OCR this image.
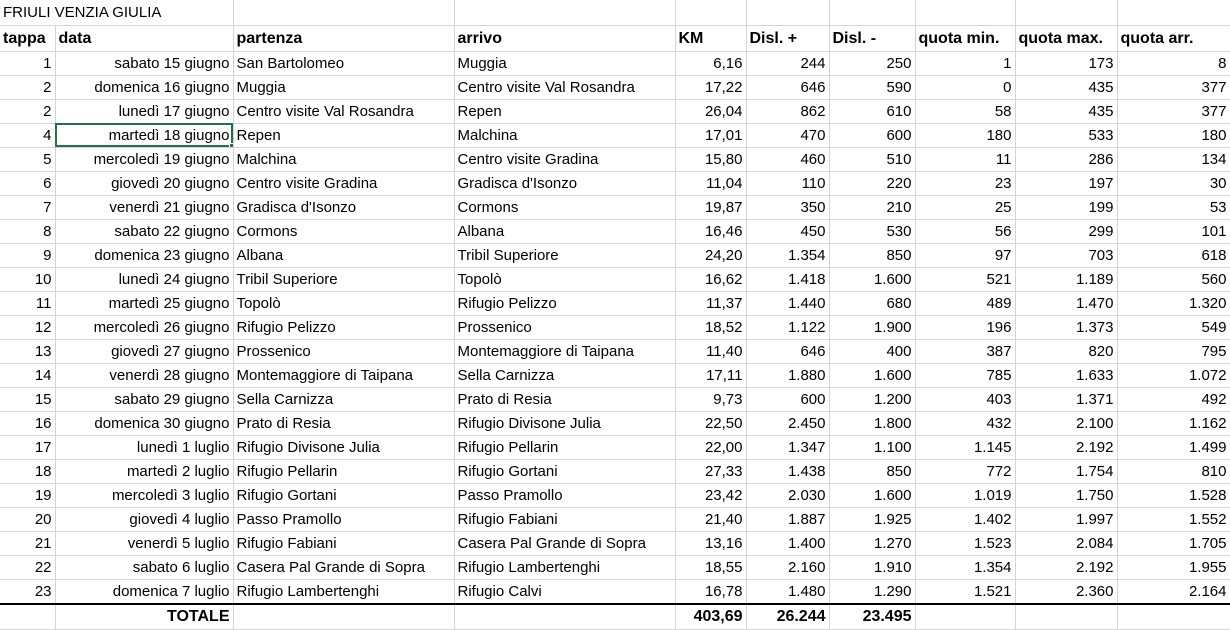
FRIULI VENZIA GIULIA									
tappa	data	partenza	arrivo	KM	Disl. +	Disl. -	quota min.	quota max.	quota arr.
1	sabato 15 giugno	San Bartolomeo	Muggia	6,16	244	250	1	173	8
2	domenica 16 giugno	Muggia	Centro visite Val Rosandra	17,22	646	590	0	435	377
2	lunedì 17 giugno	Centro visite Val Rosandra	Repen	26,04	862	610	58	435	377
4	martedì 18 giugno	Repen	Malchina	17,01	470	600	180	533	180
5	mercoledì 19 giugno	Malchina	Centro visite Gradina	15,80	460	510	11	286	134
6	giovedì 20 giugno	Centro visite Gradina	Gradisca d'Isonzo	11,04	110	220	23	197	30
7	venerdì 21 giugno	Gradisca d'Isonzo	Cormons	19,87	350	210	25	199	53
8	sabato 22 giugno	Cormons	Albana	16,46	450	530	56	299	101
9	domenica 23 giugno	Albana	Tribil Superiore	24,20	1.354	850	97	703	618
10	lunedì 24 giugno	Tribil Superiore	Topolò	16,62	1.418	1.600	521	1.189	560
11	martedì 25 giugno	Topolò	Rifugio Pelizzo	11,37	1.440	680	489	1.470	1.320
12	mercoledì 26 giugno	Rifugio Pelizzo	Prossenico	18,52	1.122	1.900	196	1.373	549
13	giovedì 27 giugno	Prossenico	Montemaggiore di Taipana	11,40	646	400	387	820	795
14	venerdì 28 giugno	Montemaggiore di Taipana	Sella Carnizza	17,11	1.880	1.600	785	1.633	1.072
15	sabato 29 giugno	Sella Carnizza	Prato di Resia	9,73	600	1.200	403	1.371	492
16	domenica 30 giugno	Prato di Resia	Rifugio Divisone Julia	22,50	2.450	1.800	432	2.100	1.162
17	lunedì 1 luglio	Rifugio Divisone Julia	Rifugio Pellarin	22,00	1.347	1.100	1.145	2.192	1.499
18	martedì 2 luglio	Rifugio Pellarin	Rifugio Gortani	27,33	1.438	850	772	1.754	810
19	mercoledì 3 luglio	Rifugio Gortani	Passo Pramollo	23,42	2.030	1.600	1.019	1.750	1.528
20	giovedì 4 luglio	Passo Pramollo	Rifugio Fabiani	21,40	1.887	1.925	1.402	1.997	1.552
21	venerdì 5 luglio	Rifugio Fabiani	Casera Pal Grande di Sopra	13,16	1.400	1.270	1.523	2.084	1.705
22	sabato 6 luglio	Casera Pal Grande di Sopra	Rifugio Lambertenghi	18,55	2.160	1.910	1.354	2.192	1.955
23	domenica 7 luglio	Rifugio Lambertenghi	Rifugio Calvi	16,78	1.480	1.290	1.521	2.360	2.164
	TOTALE			403,69	26.244	23.495			
